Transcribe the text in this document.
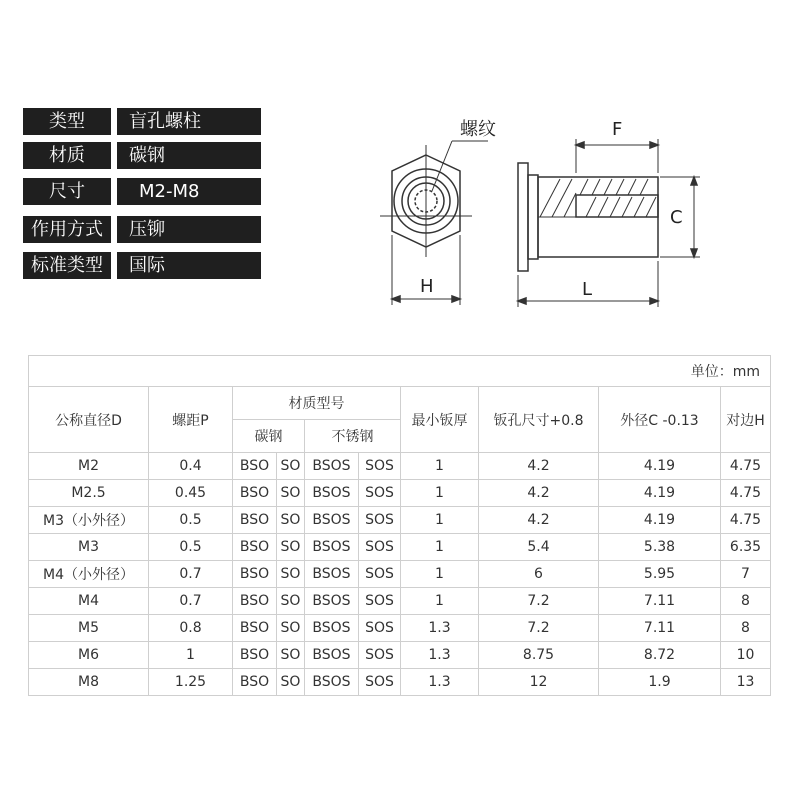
类型	盲孔螺柱
材质	碳钢
尺寸	M2-M8
作用方式	压铆
标准类型	国际
螺纹
H
F
C
L
单位：mm									
公称直径D	螺距P	材质型号				最小钣厚	钣孔尺寸+0.8	外径C -0.13	对边H
		碳钢		不锈钢					
M2	0.4	BSO	SO	BSOS	SOS	1	4.2	4.19	4.75
M2.5	0.45	BSO	SO	BSOS	SOS	1	4.2	4.19	4.75
M3（小外径）	0.5	BSO	SO	BSOS	SOS	1	4.2	4.19	4.75
M3	0.5	BSO	SO	BSOS	SOS	1	5.4	5.38	6.35
M4（小外径）	0.7	BSO	SO	BSOS	SOS	1	6	5.95	7
M4	0.7	BSO	SO	BSOS	SOS	1	7.2	7.11	8
M5	0.8	BSO	SO	BSOS	SOS	1.3	7.2	7.11	8
M6	1	BSO	SO	BSOS	SOS	1.3	8.75	8.72	10
M8	1.25	BSO	SO	BSOS	SOS	1.3	12	1.9	13
